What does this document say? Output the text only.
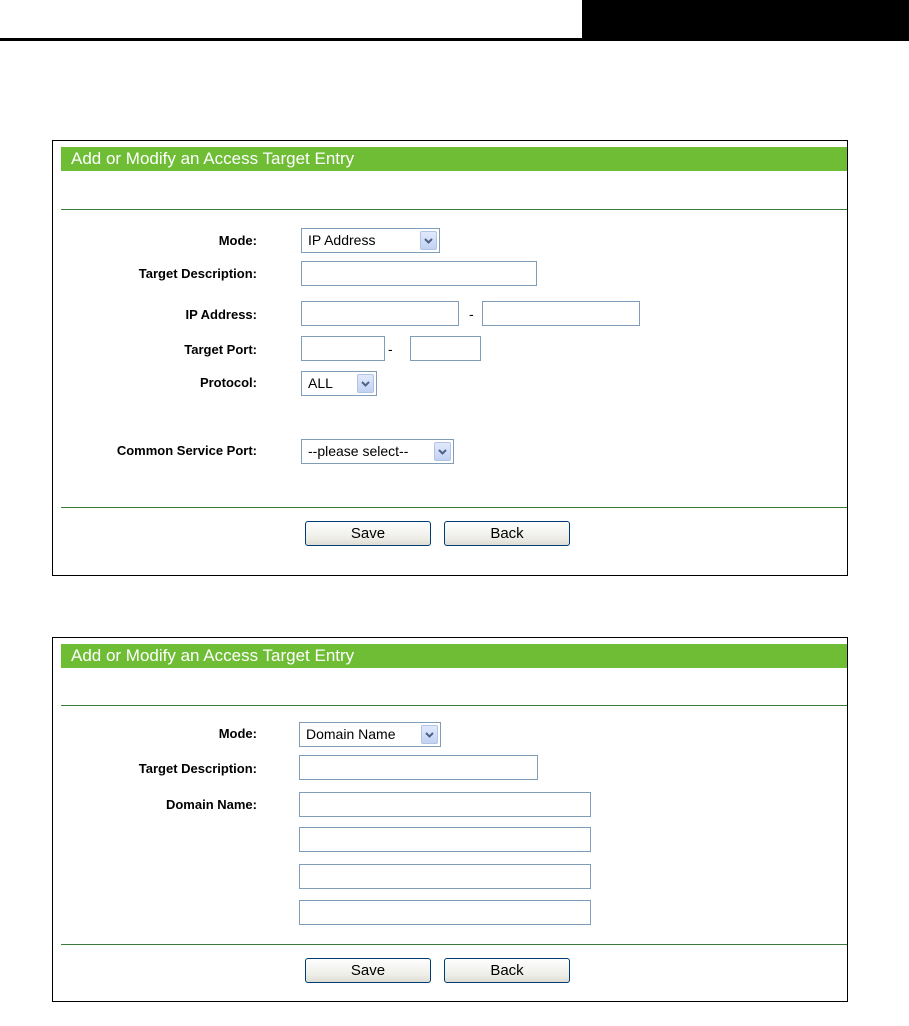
Add or Modify an Access Target Entry
Mode:	IP Address
Target Description:
IP Address:	-
Target Port:	-
Protocol:	ALL
Common Service Port:	--please select--
Save	Back
Add or Modify an Access Target Entry
Mode:	Domain Name
Target Description:
Domain Name:
Save	Back
